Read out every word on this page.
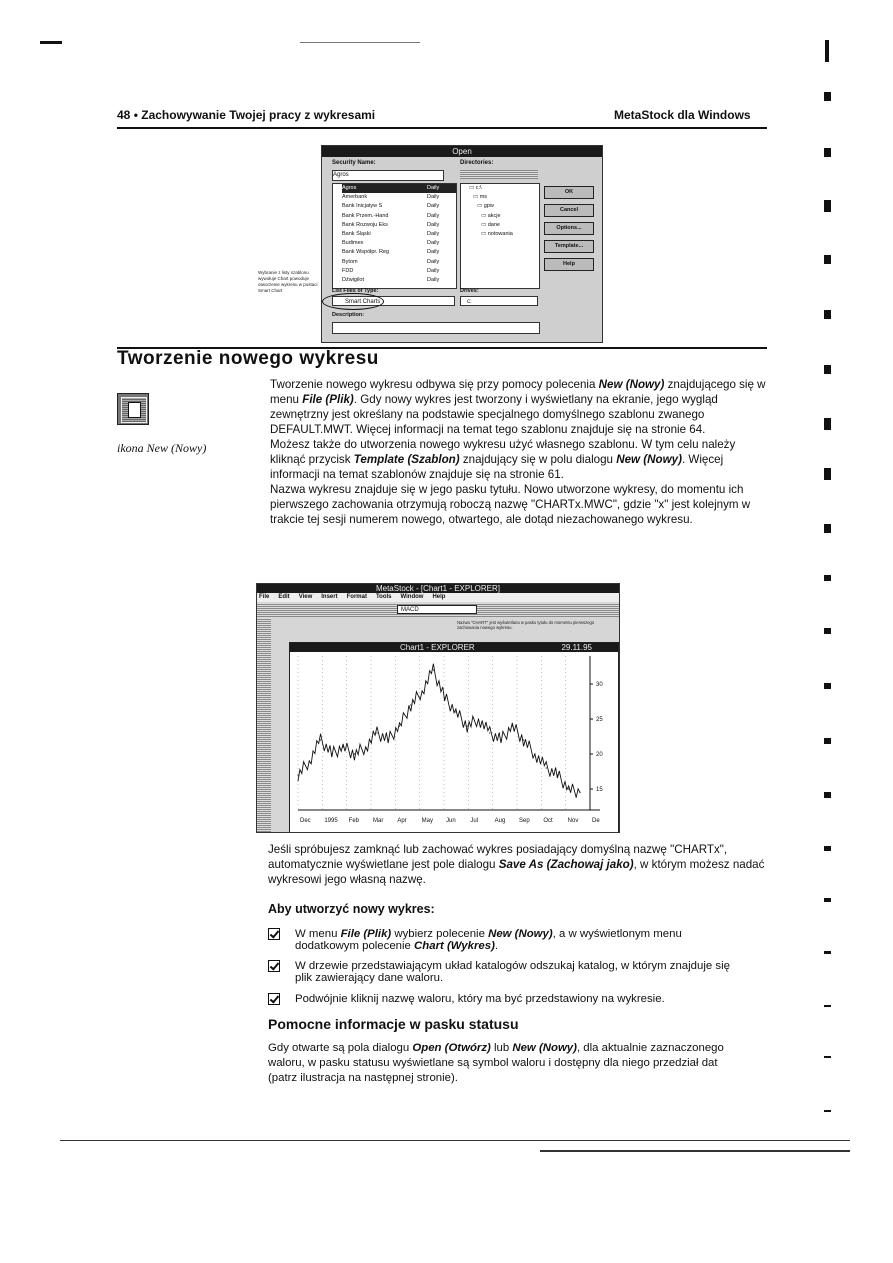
48 • Zachowywanie Twojej pracy z wykresami	MetaStock dla Windows
Open
Security Name:	Directories:
Agros
Agros	Daily
Amerbank	Daily
Bank Inicjatyw S	Daily
Bank Przem.-Hand	Daily
Bank Rozwoju Eks	Daily
Bank Śląski	Daily
Budimex	Daily
Bank Współpr. Reg	Daily
Bytom	Daily
FDD	Daily
Dźwigilot	Daily
▭ c:\
▭ ms
▭ gpw
▭ akcje
▭ dane
▭ notowania
OK
Cancel
Options...
Template...
Help
List Files of Type:
Smart Charts
Drives:
c:
Description:
Wybranie z listy szablonu wywołuje Chart powoduje otworzenie wykresu w postaci Smart Chart
Tworzenie nowego wykresu
ikona New (Nowy)

Tworzenie nowego wykresu odbywa się przy pomocy polecenia New (Nowy) znajdującego się w menu File (Plik). Gdy nowy wykres jest tworzony i wyświetlany na ekranie, jego wygląd zewnętrzny jest określany na podstawie specjalnego domyślnego szablonu zwanego DEFAULT.MWT. Więcej informacji na temat tego szablonu znajduje się na stronie 64.

Możesz także do utworzenia nowego wykresu użyć własnego szablonu. W tym celu należy kliknąć przycisk Template (Szablon) znajdujący się w polu dialogu New (Nowy). Więcej informacji na temat szablonów znajduje się na stronie 61.

Nazwa wykresu znajduje się w jego pasku tytułu. Nowo utworzone wykresy, do momentu ich pierwszego zachowania otrzymują roboczą nazwę "CHARTx.MWC", gdzie "x" jest kolejnym w trakcie tej sesji numerem nowego, otwartego, ale dotąd niezachowanego wykresu.

MetaStock - [Chart1 - EXPLORER]
File Edit View Insert Format Tools Window Help
MACD
Nazwa "CHART" jest wyświetlana w pasku tytułu do momentu pierwszego zachowania nowego wykresu.
Chart1 - EXPLORER	29.11.95
Dec 1995 Feb Mar Apr May Jun Jul	Aug Sep Oct Nov De
30
25
20
15

Jeśli spróbujesz zamknąć lub zachować wykres posiadający domyślną nazwę "CHARTx", automatycznie wyświetlane jest pole dialogu Save As (Zachowaj jako), w którym możesz nadać wykresowi jego własną nazwę.

Aby utworzyć nowy wykres:
W menu File (Plik) wybierz polecenie New (Nowy), a w wyświetlonym menu dodatkowym polecenie Chart (Wykres).
W drzewie przedstawiającym układ katalogów odszukaj katalog, w którym znajduje się plik zawierający dane waloru.
Podwójnie kliknij nazwę waloru, który ma być przedstawiony na wykresie.
Pomocne informacje w pasku statusu
Gdy otwarte są pola dialogu Open (Otwórz) lub New (Nowy), dla aktualnie zaznaczonego waloru, w pasku statusu wyświetlane są symbol waloru i dostępny dla niego przedział dat (patrz ilustracja na następnej stronie).
